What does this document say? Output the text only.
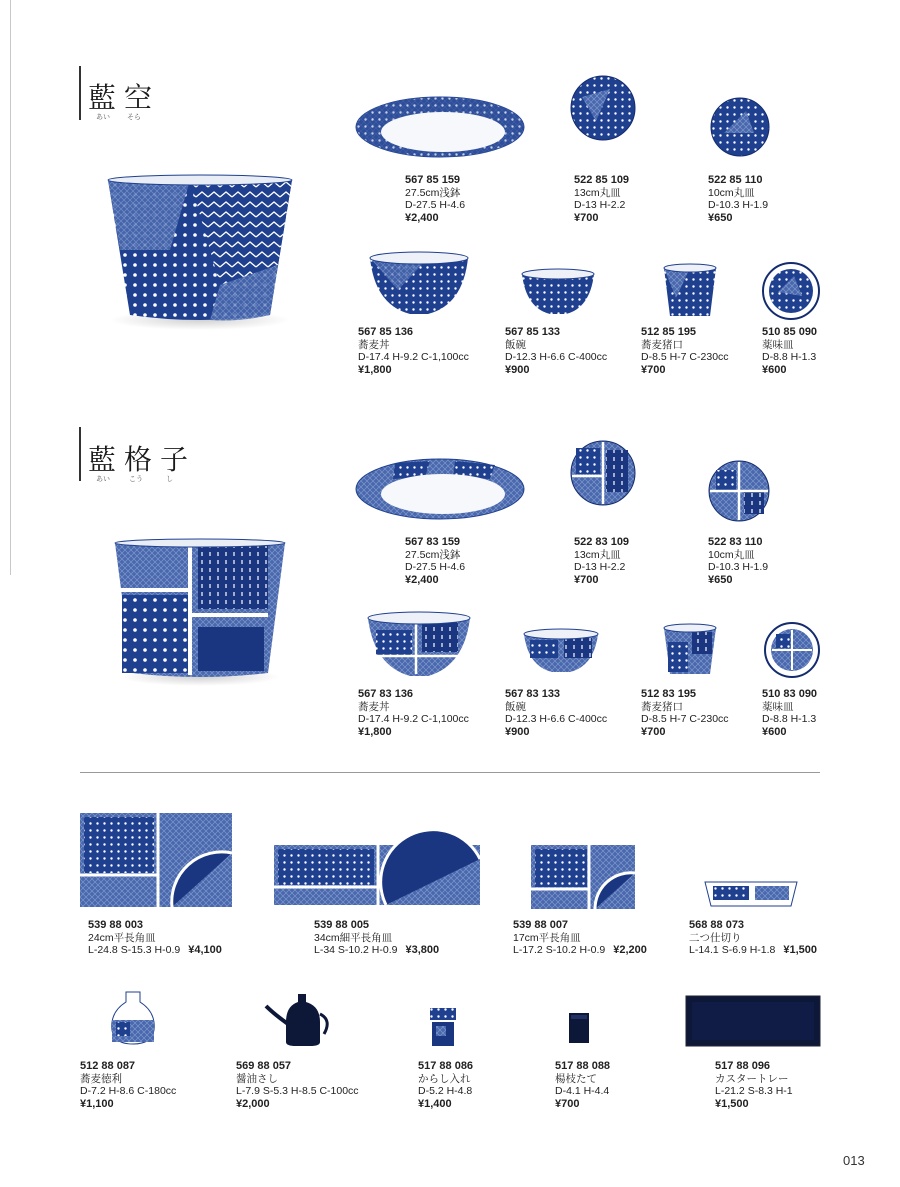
藍空
あい そら
567 85 159
27.5cm浅鉢
D-27.5 H-4.6
¥2,400
522 85 109
13cm丸皿
D-13 H-2.2
¥700
522 85 110
10cm丸皿
D-10.3 H-1.9
¥650
567 85 136
蕎麦丼
D-17.4 H-9.2 C-1,100cc
¥1,800
567 85 133
飯碗
D-12.3 H-6.6 C-400cc
¥900
512 85 195
蕎麦猪口
D-8.5 H-7 C-230cc
¥700
510 85 090
薬味皿
D-8.8 H-1.3
¥600
藍格子
あい	こう	し
567 83 159
27.5cm浅鉢
D-27.5 H-4.6
¥2,400
522 83 109
13cm丸皿
D-13 H-2.2
¥700
522 83 110
10cm丸皿
D-10.3 H-1.9
¥650
567 83 136
蕎麦丼
D-17.4 H-9.2 C-1,100cc
¥1,800
567 83 133
飯碗
D-12.3 H-6.6 C-400cc
¥900
512 83 195
蕎麦猪口
D-8.5 H-7 C-230cc
¥700
510 83 090
薬味皿
D-8.8 H-1.3
¥600
539 88 003
24cm平長角皿
L-24.8 S-15.3 H-0.9 ¥4,100
539 88 005
34cm細平長角皿
L-34 S-10.2 H-0.9 ¥3,800
539 88 007
17cm平長角皿
L-17.2 S-10.2 H-0.9 ¥2,200
568 88 073
二つ仕切り
L-14.1 S-6.9 H-1.8 ¥1,500
512 88 087
蕎麦徳利
D-7.2 H-8.6 C-180cc
¥1,100
569 88 057
醤油さし
L-7.9 S-5.3 H-8.5 C-100cc
¥2,000
517 88 086
からし入れ
D-5.2 H-4.8
¥1,400
517 88 088
楊枝たて
D-4.1 H-4.4
¥700
517 88 096
カスタートレー
L-21.2 S-8.3 H-1
¥1,500
013
